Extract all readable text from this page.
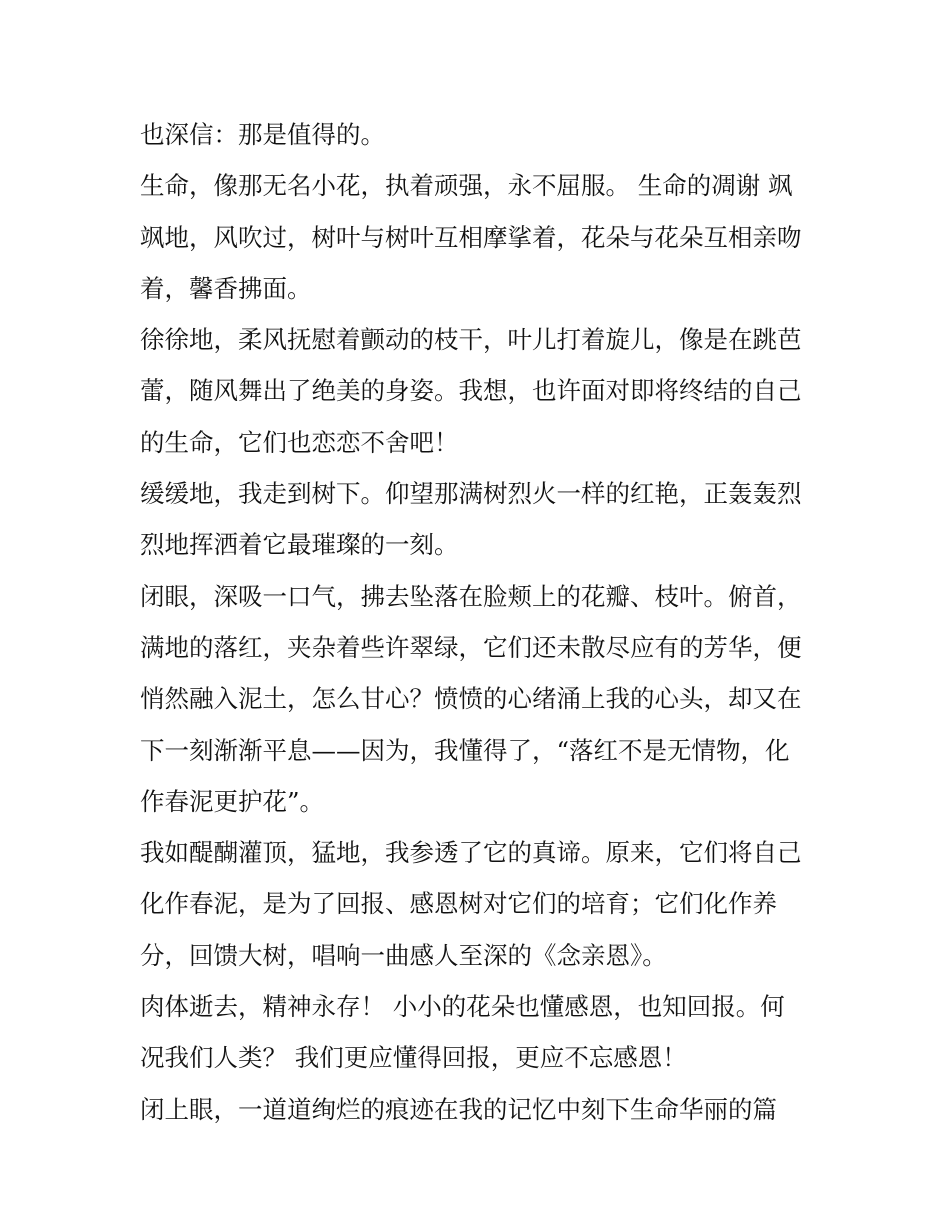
也深信：那是值得的。
生命，像那无名小花，执着顽强，永不屈服。 生命的凋谢 飒
飒地，风吹过，树叶与树叶互相摩挲着，花朵与花朵互相亲吻
着，馨香拂面。
徐徐地，柔风抚慰着颤动的枝干，叶儿打着旋儿，像是在跳芭
蕾，随风舞出了绝美的身姿。我想，也许面对即将终结的自己
的生命，它们也恋恋不舍吧！
缓缓地，我走到树下。仰望那满树烈火一样的红艳，正轰轰烈
烈地挥洒着它最璀璨的一刻。
闭眼，深吸一口气，拂去坠落在脸颊上的花瓣、枝叶。俯首，
满地的落红，夹杂着些许翠绿，它们还未散尽应有的芳华，便
悄然融入泥土，怎么甘心？愤愤的心绪涌上我的心头，却又在
下一刻渐渐平息——因为，我懂得了，“落红不是无情物，化
作春泥更护花”。
我如醍醐灌顶，猛地，我参透了它的真谛。原来，它们将自己
化作春泥，是为了回报、感恩树对它们的培育；它们化作养
分，回馈大树，唱响一曲感人至深的《念亲恩》。
肉体逝去，精神永存！ 小小的花朵也懂感恩，也知回报。何
况我们人类？ 我们更应懂得回报，更应不忘感恩！
闭上眼，一道道绚烂的痕迹在我的记忆中刻下生命华丽的篇
